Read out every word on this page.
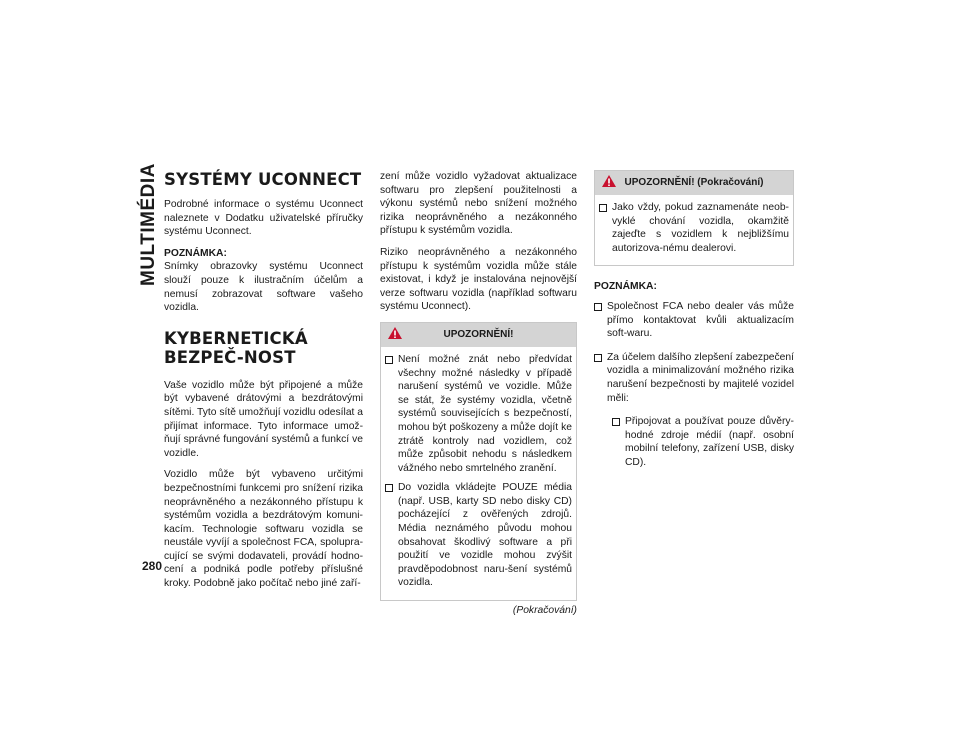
MULTIMÉDIA
280
SYSTÉMY UCONNECT

Podrobné informace o systému Uconnect naleznete v Dodatku uživatelské příručky systému Uconnect.

POZNÁMKA:

Snímky obrazovky systému Uconnect slouží pouze k ilustračním účelům a nemusí zobrazovat software vašeho vozidla.

KYBERNETICKÁ BEZPEČ-NOST

Vaše vozidlo může být připojené a může být vybavené drátovými a bezdrátovými sítěmi. Tyto sítě umožňují vozidlu odesílat a přijímat informace. Tyto informace umož-ňují správné fungování systémů a funkcí ve vozidle.

Vozidlo může být vybaveno určitými bezpečnostními funkcemi pro snížení rizika neoprávněného a nezákonného přístupu k systémům vozidla a bezdrátovým komuni-kacím. Technologie softwaru vozidla se neustále vyvíjí a společnost FCA, spolupra-cující se svými dodavateli, provádí hodno-cení a podniká podle potřeby příslušné kroky. Podobně jako počítač nebo jiné zaří-

zení může vozidlo vyžadovat aktualizace softwaru pro zlepšení použitelnosti a výkonu systémů nebo snížení možného rizika neoprávněného a nezákonného přístupu k systémům vozidla.

Riziko neoprávněného a nezákonného přístupu k systémům vozidla může stále existovat, i když je instalována nejnovější verze softwaru vozidla (například softwaru systému Uconnect).

UPOZORNĚNÍ!
Není možné znát nebo předvídat všechny možné následky v případě narušení systémů ve vozidle. Může se stát, že systémy vozidla, včetně systémů souvisejících s bezpečností, mohou být poškozeny a může dojít ke ztrátě kontroly nad vozidlem, což může způsobit nehodu s následkem vážného nebo smrtelného zranění.
Do vozidla vkládejte POUZE média (např. USB, karty SD nebo disky CD) pocházející z ověřených zdrojů. Média neznámého původu mohou obsahovat škodlivý software a při použití ve vozidle mohou zvýšit pravděpodobnost naru-šení systémů vozidla.
(Pokračování)
UPOZORNĚNÍ! (Pokračování)
Jako vždy, pokud zaznamenáte neob-vyklé chování vozidla, okamžitě zajeďte s vozidlem k nejbližšímu autorizova-nému dealerovi.
POZNÁMKA:
Společnost FCA nebo dealer vás může přímo kontaktovat kvůli aktualizacím soft-waru.
Za účelem dalšího zlepšení zabezpečení vozidla a minimalizování možného rizika narušení bezpečnosti by majitelé vozidel měli:
Připojovat a používat pouze důvěry-hodné zdroje médií (např. osobní mobilní telefony, zařízení USB, disky CD).
